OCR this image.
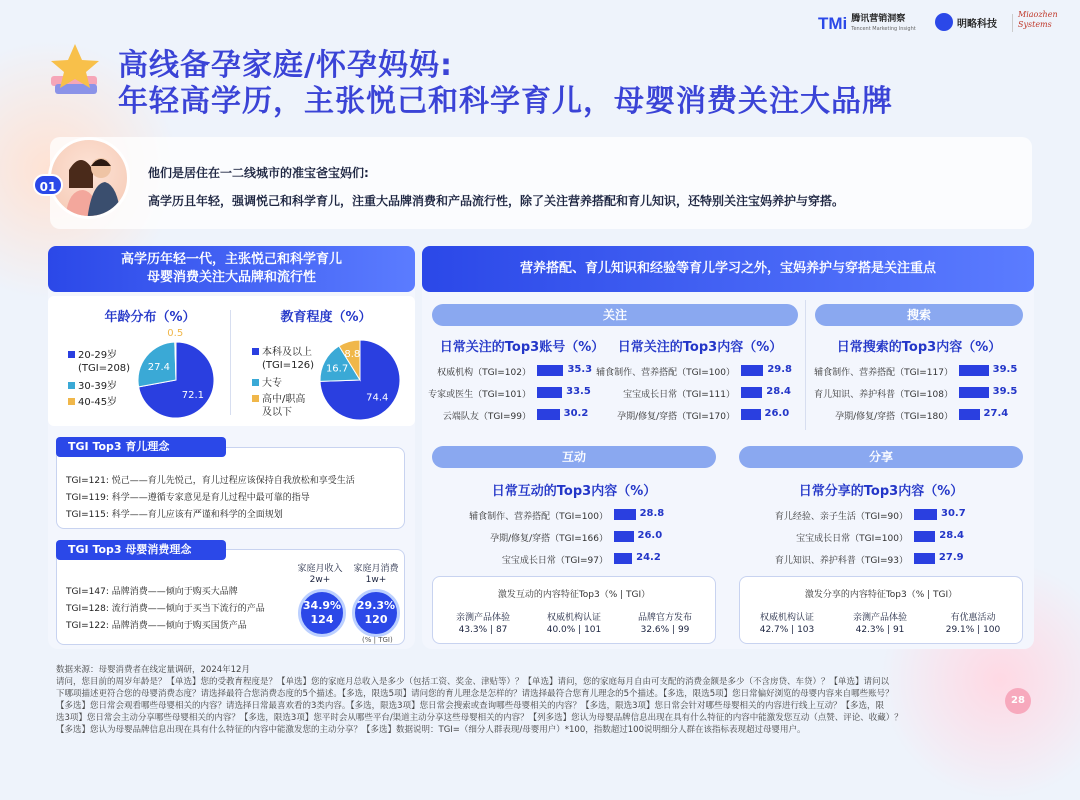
TMi 腾讯营销洞察
Tencent Marketing Insight	明略科技
Miaozhen Systems
高线备孕家庭/怀孕妈妈:
年轻高学历，主张悦己和科学育儿，母婴消费关注大品牌
01
他们是居住在一二线城市的准宝爸宝妈们:
高学历且年轻，强调悦己和科学育儿，注重大品牌消费和产品流行性，除了关注营养搭配和育儿知识，还特别关注宝妈养护与穿搭。
高学历年轻一代，主张悦己和科学育儿
母婴消费关注大品牌和流行性
年龄分布（%）
20-29岁
(TGI=208)
30-39岁
40-45岁
72.1
27.4
0.5
教育程度（%）
本科及以上
(TGI=126)
大专
高中/职高
及以下
74.4
16.7
8.8
TGI Top3 育儿理念
TGI=121: 悦己——育儿先悦己，育儿过程应该保持自我放松和享受生活
TGI=119: 科学——遵循专家意见是育儿过程中最可靠的指导
TGI=115: 科学——育儿应该有严谨和科学的全面规划
TGI Top3 母婴消费理念
TGI=147: 品牌消费——倾向于购买大品牌
TGI=128: 流行消费——倾向于买当下流行的产品
TGI=122: 品牌消费——倾向于购买国货产品
家庭月收入
2w+
家庭月消费
1w+
34.9%
124
29.3%
120
(% | TGI)
营养搭配、育儿知识和经验等育儿学习之外，宝妈养护与穿搭是关注重点
关注	搜索
日常关注的Top3账号（%）	日常关注的Top3内容（%）	日常搜索的Top3内容（%）
互动	分享
日常互动的Top3内容（%）	日常分享的Top3内容（%）
权威机构（TGI=102）	35.3
专家或医生（TGI=101）	33.5
云端队友（TGI=99）	30.2
辅食制作、营养搭配（TGI=100）	29.8
宝宝成长日常（TGI=111）	28.4
孕期/修复/穿搭（TGI=170）	26.0
辅食制作、营养搭配（TGI=117）	39.5
育儿知识、养护科普（TGI=108）	39.5
孕期/修复/穿搭（TGI=180）	27.4
辅食制作、营养搭配（TGI=100）	28.8
孕期/修复/穿搭（TGI=166）	26.0
宝宝成长日常（TGI=97）	24.2
育儿经验、亲子生活（TGI=90）	30.7
宝宝成长日常（TGI=100）	28.4
育儿知识、养护科普（TGI=93）	27.9
激发互动的内容特征Top3（% | TGI）
亲测产品体验
43.3% | 87
权威机构认证
40.0% | 101
品牌官方发布
32.6% | 99
激发分享的内容特征Top3（% | TGI）
权威机构认证
42.7% | 103
亲测产品体验
42.3% | 91
有优惠活动
29.1% | 100
数据来源：母婴消费者在线定量调研，2024年12月
请问，您目前的周岁年龄是？【单选】您的受教育程度是？【单选】您的家庭月总收入是多少（包括工资、奖金、津贴等）？【单选】请问，您的家庭每月自由可支配的消费金额是多少（不含房贷、车贷）？【单选】请问以
下哪项描述更符合您的母婴消费态度？请选择最符合您消费态度的5个描述。【多选，限选5项】请问您的育儿理念是怎样的？请选择最符合您育儿理念的5个描述。【多选，限选5项】您日常偏好浏览的母婴内容来自哪些账号？
【多选】您日常会观看哪些母婴相关的内容？请选择日常最喜欢看的3类内容。【多选，限选3项】您日常会搜索或查询哪些母婴相关的内容？【多选，限选3项】您日常会针对哪些母婴相关的内容进行线上互动？【多选，限
选3项】您日常会主动分享哪些母婴相关的内容？【多选，限选3项】您平时会从哪些平台/渠道主动分享这些母婴相关的内容？【列多选】您认为母婴品牌信息出现在具有什么特征的内容中能激发您互动（点赞、评论、收藏）？
【多选】您认为母婴品牌信息出现在具有什么特征的内容中能激发您的主动分享？【多选】数据说明：TGI=（细分人群表现/母婴用户）*100，指数超过100说明细分人群在该指标表现超过母婴用户。
28
